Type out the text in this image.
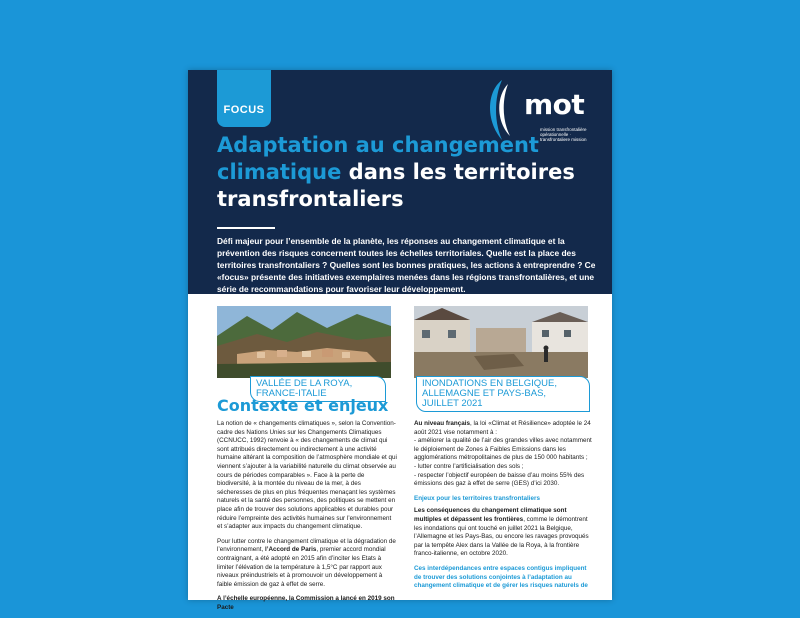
FOCUS	mot
mission transfrontalière opérationnelle · transfrontaliere mission
Adaptation au changement climatique dans les territoires transfrontaliers
Défi majeur pour l’ensemble de la planète, les réponses au changement climatique et la prévention des risques concernent toutes les échelles territoriales. Quelle est la place des territoires transfrontaliers ? Quelles sont les bonnes pratiques, les actions à entreprendre ? Ce «focus» présente des initiatives exemplaires menées dans les régions transfrontalières, et une série de recommandations pour favoriser leur développement.
VALLÉE DE LA ROYA, FRANCE-ITALIE
INONDATIONS EN BELGIQUE, ALLEMAGNE ET PAYS-BAS, JUILLET 2021
Contexte et enjeux

La notion de « changements climatiques », selon la Convention-cadre des Nations Unies sur les Changements Climatiques (CCNUCC, 1992) renvoie à « des changements de climat qui sont attribués directement ou indirectement à une activité humaine altérant la composition de l’atmosphère mondiale et qui viennent s’ajouter à la variabilité naturelle du climat observée au cours de périodes comparables ». Face à la perte de biodiversité, à la montée du niveau de la mer, à des sécheresses de plus en plus fréquentes menaçant les systèmes naturels et la santé des personnes, des politiques se mettent en place afin de trouver des solutions applicables et durables pour réduire l’empreinte des activités humaines sur l’environnement et s’adapter aux impacts du changement climatique.

Pour lutter contre le changement climatique et la dégradation de l’environnement, l’Accord de Paris, premier accord mondial contraignant, a été adopté en 2015 afin d’inciter les Etats à limiter l’élévation de la température à 1,5°C par rapport aux niveaux préindustriels et à promouvoir un développement à faible émission de gaz à effet de serre.

A l’échelle européenne, la Commission a lancé en 2019 son Pacte

Au niveau français, la loi «Climat et Résilience» adoptée le 24 août 2021 vise notamment à :
- améliorer la qualité de l’air des grandes villes avec notamment le déploiement de Zones à Faibles Emissions dans les agglomérations métropolitaines de plus de 150 000 habitants ;
- lutter contre l’artificialisation des sols ;
- respecter l’objectif européen de baisse d’au moins 55% des émissions des gaz à effet de serre (GES) d’ici 2030.

Enjeux pour les territoires transfrontaliers

Les conséquences du changement climatique sont multiples et dépassent les frontières, comme le démontrent les inondations qui ont touché en juillet 2021 la Belgique, l’Allemagne et les Pays-Bas, ou encore les ravages provoqués par la tempête Alex dans la Vallée de la Roya, à la frontière franco-italienne, en octobre 2020.

Ces interdépendances entre espaces contigus impliquent de trouver des solutions conjointes à l’adaptation au changement climatique et de gérer les risques naturels de
